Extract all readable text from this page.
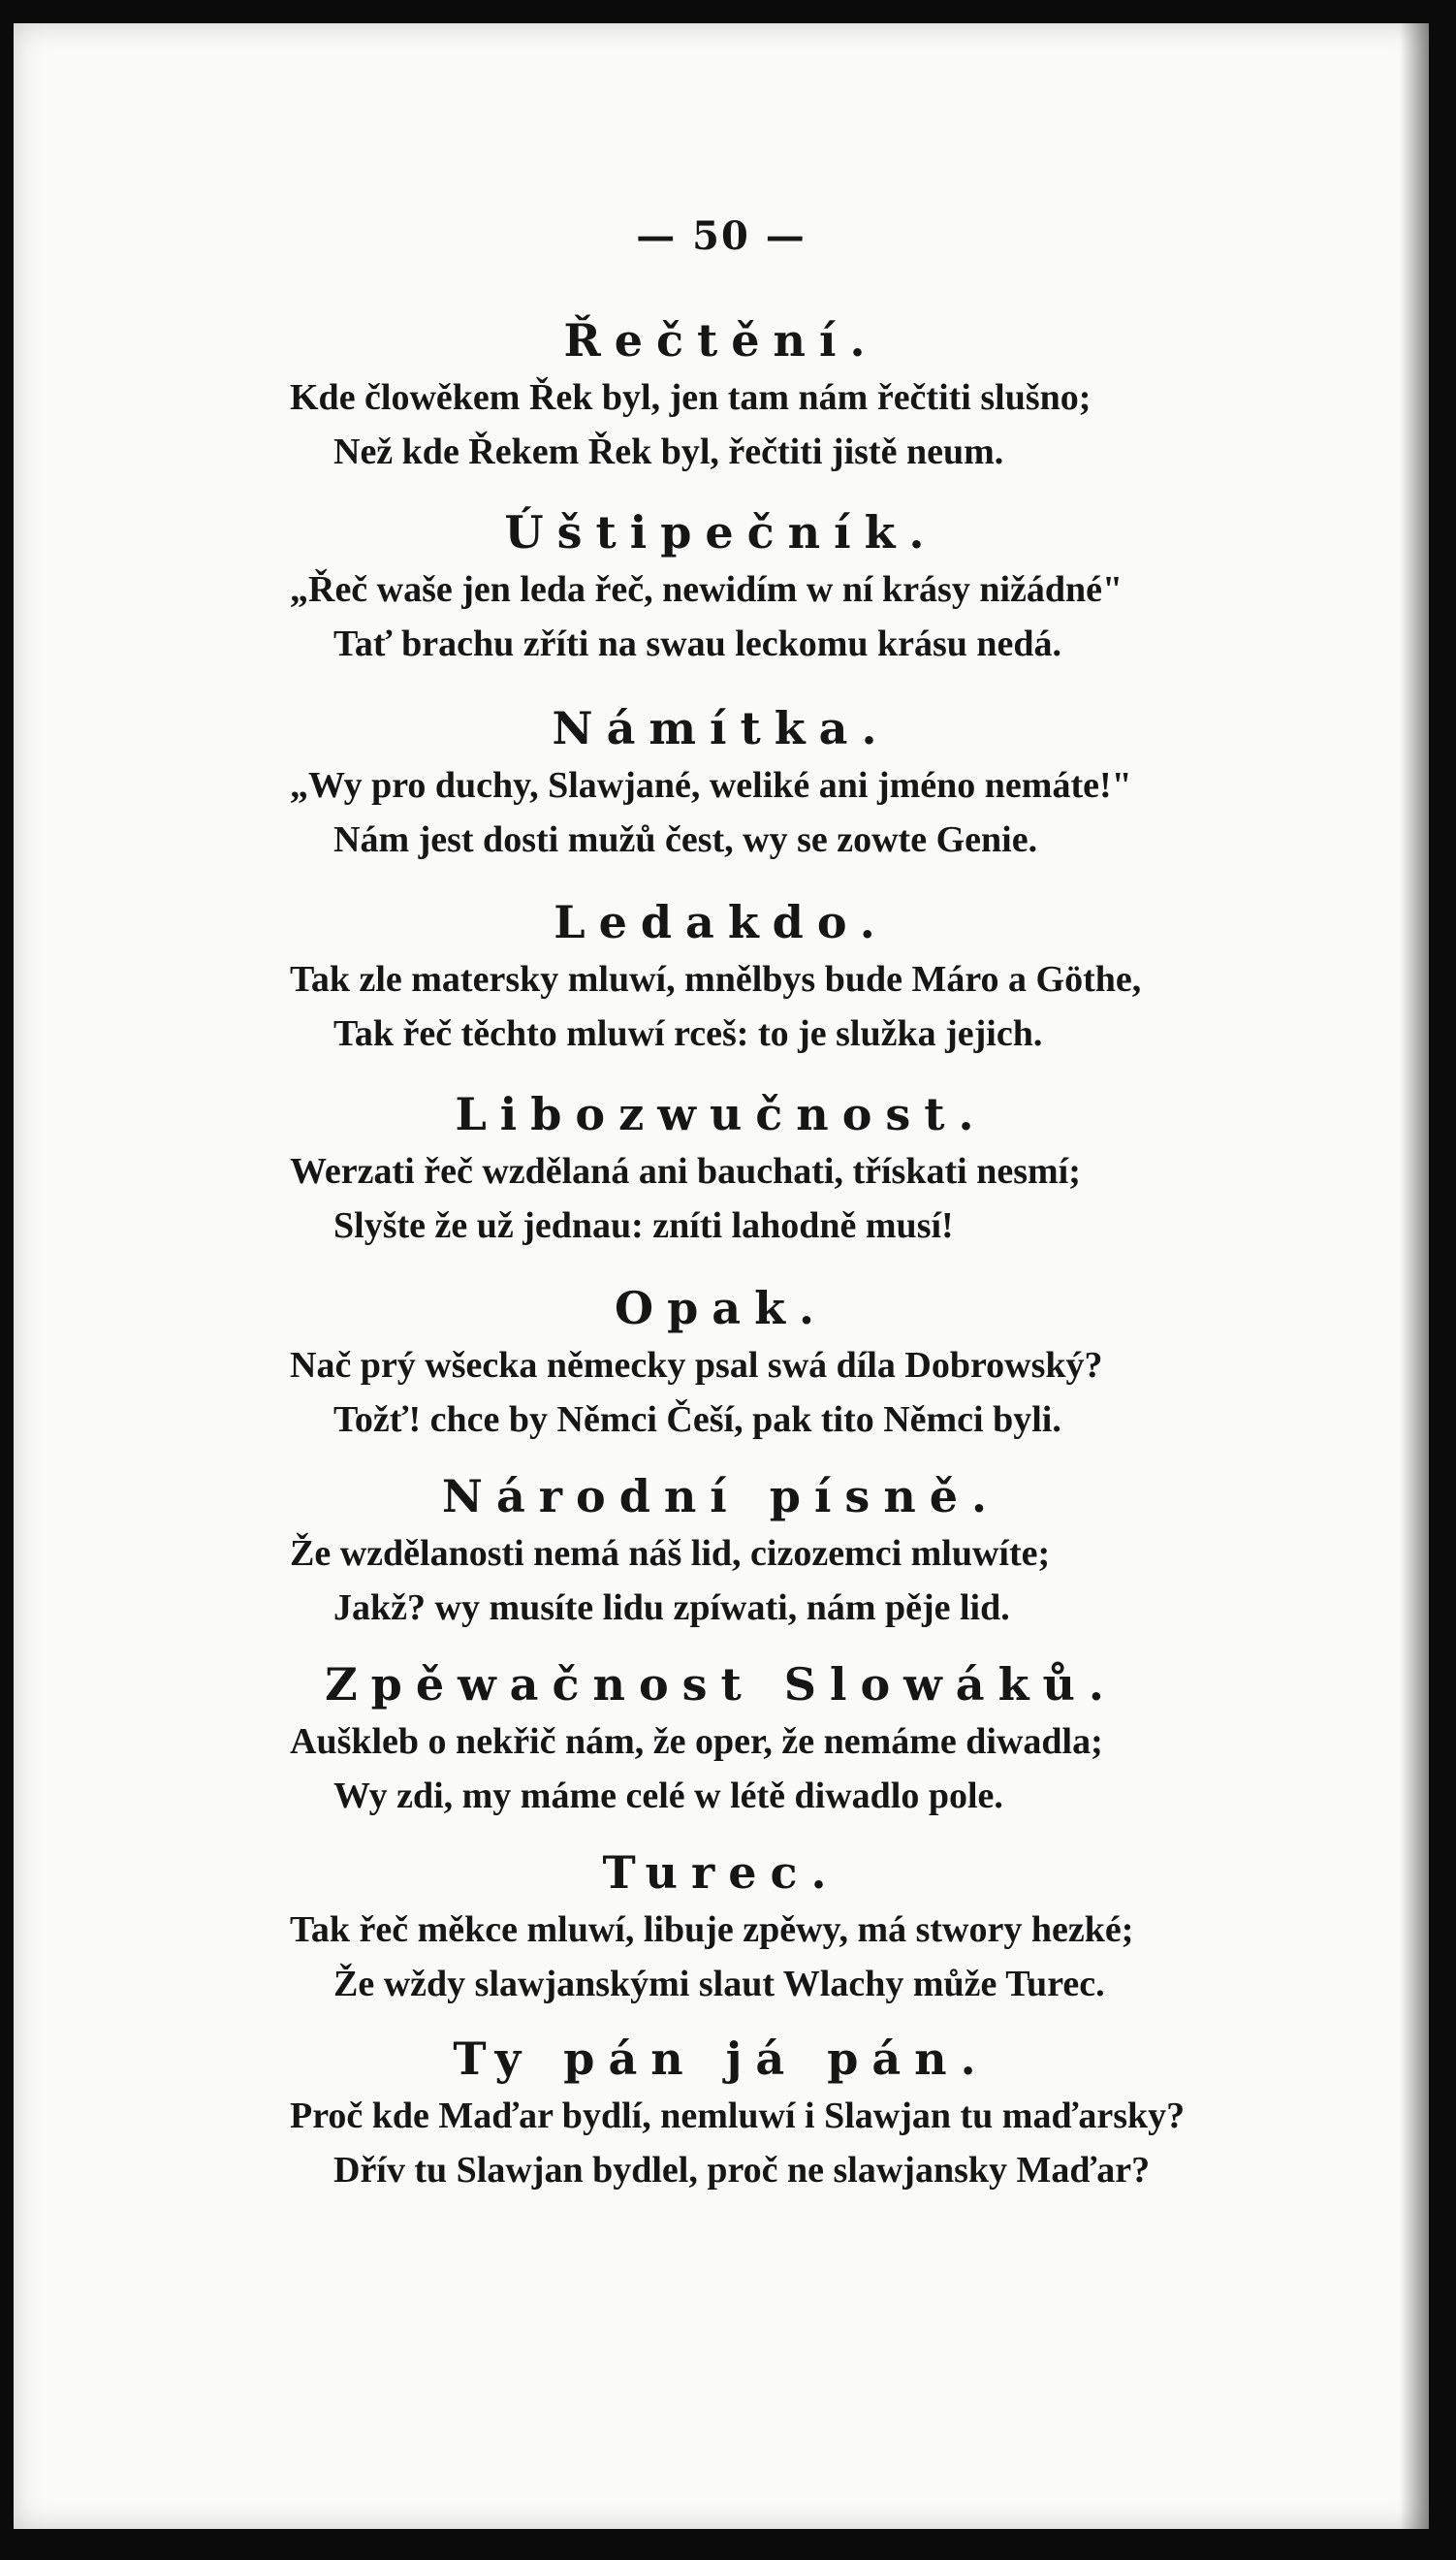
— 50 —
Řečtění.
Kde člowěkem Řek byl, jen tam nám řečtiti slušno;
Než kde Řekem Řek byl, řečtiti jistě neum.
Úštipečník.
„Řeč waše jen leda řeč, newidím w ní krásy nižádné"
Tať brachu zříti na swau leckomu krásu nedá.
Námítka.
„Wy pro duchy, Slawjané, weliké ani jméno nemáte!"
Nám jest dosti mužů čest, wy se zowte Genie.
Ledakdo.
Tak zle matersky mluwí, mnělbys bude Máro a Göthe,
Tak řeč těchto mluwí rceš: to je služka jejich.
Libozwučnost.
Werzati řeč wzdělaná ani bauchati, třískati nesmí;
Slyšte že už jednau: zníti lahodně musí!
Opak.
Nač prý wšecka německy psal swá díla Dobrowský?
Tožť! chce by Němci Češí, pak tito Němci byli.
Národní písně.
Že wzdělanosti nemá náš lid, cizozemci mluwíte;
Jakž? wy musíte lidu zpíwati, nám pěje lid.
Zpěwačnost Slowáků.
Auškleb o nekřič nám, že oper, že nemáme diwadla;
Wy zdi, my máme celé w létě diwadlo pole.
Turec.
Tak řeč měkce mluwí, libuje zpěwy, má stwory hezké;
Že wždy slawjanskými slaut Wlachy může Turec.
Ty pán já pán.
Proč kde Maďar bydlí, nemluwí i Slawjan tu maďarsky?
Dřív tu Slawjan bydlel, proč ne slawjansky Maďar?
